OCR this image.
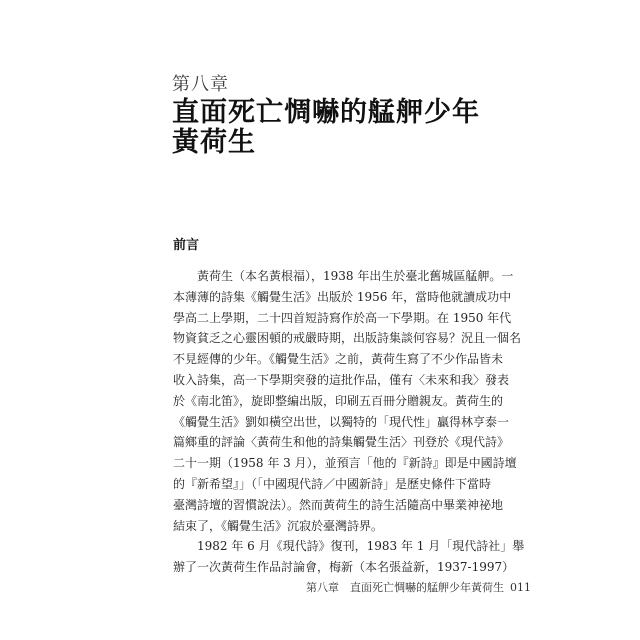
第八章
直面死亡惆嚇的艋舺少年
黃荷生
前言
黃荷生（本名黃根福），1938 年出生於臺北舊城區艋舺。一
本薄薄的詩集《觸覺生活》出版於 1956 年，當時他就讀成功中
學高二上學期，二十四首短詩寫作於高一下學期。在 1950 年代
物資貧乏之心靈困頓的戒嚴時期，出版詩集談何容易？況且一個名
不見經傳的少年。《觸覺生活》之前，黃荷生寫了不少作品皆未
收入詩集，高一下學期突發的這批作品，僅有〈未來和我〉發表
於《南北笛》，旋即整編出版，印刷五百冊分贈親友。黃荷生的
《觸覺生活》劉如橫空出世，以獨特的「現代性」贏得林亨泰一
篇鄉重的評論〈黃荷生和他的詩集觸覺生活〉刊登於《現代詩》
二十一期（1958 年 3 月），並預言「他的『新詩』即是中國詩壇
的『新希望』」（「中國現代詩／中國新詩」是歷史條件下當時
臺灣詩壇的習慣說法）。然而黃荷生的詩生活隨高中畢業神祕地
結束了，《觸覺生活》沉寂於臺灣詩界。
1982 年 6 月《現代詩》復刊，1983 年 1 月「現代詩社」舉
辦了一次黃荷生作品討論會，梅新（本名張益新，1937-1997）
第八章　直面死亡惆嚇的艋舺少年黃荷生 011
